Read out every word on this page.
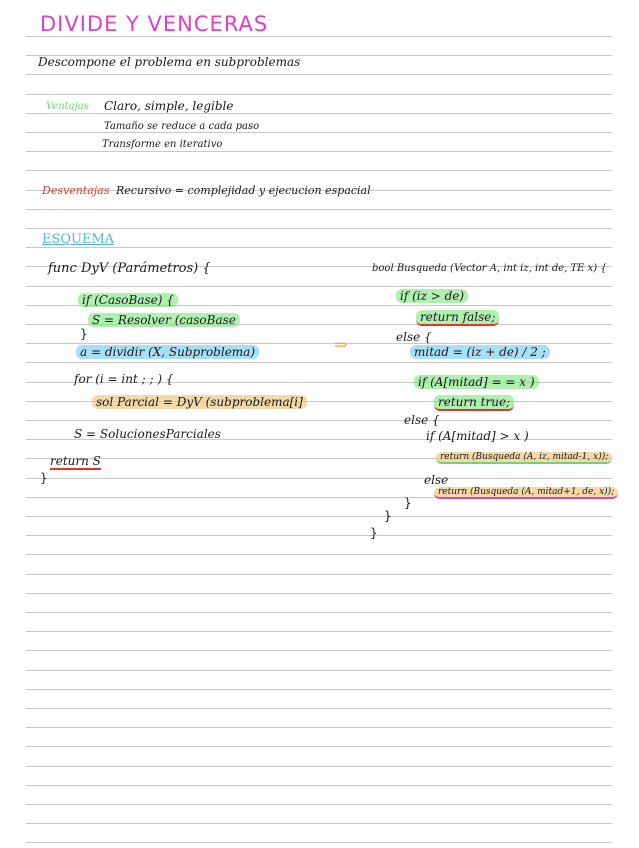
DIVIDE Y VENCERAS
Descompone el problema en subproblemas
Ventajas Claro, simple, legible
Tamaño se reduce a cada paso
Transforme en iterativo
Desventajas Recursivo = complejidad y ejecucion espacial
ESQUEMA
func DyV (Parámetros) {
if (CasoBase) {
S = Resolver (casoBase
}
a = dividir (X, Subproblema)
for (i = int ; ; ) {
sol Parcial = DyV (subproblema[i]
S = SolucionesParciales
return S
}
⇒
bool Busqueda (Vector A, int iz, int de, TE x) {
if (iz > de)
return false;
else {
mitad = (iz + de) / 2 ;
if (A[mitad] = = x )
return true;
else {
if (A[mitad] > x )
return (Busqueda (A, iz, mitad-1, x));
else
return (Busqueda (A, mitad+1, de, x));
}
}
}
